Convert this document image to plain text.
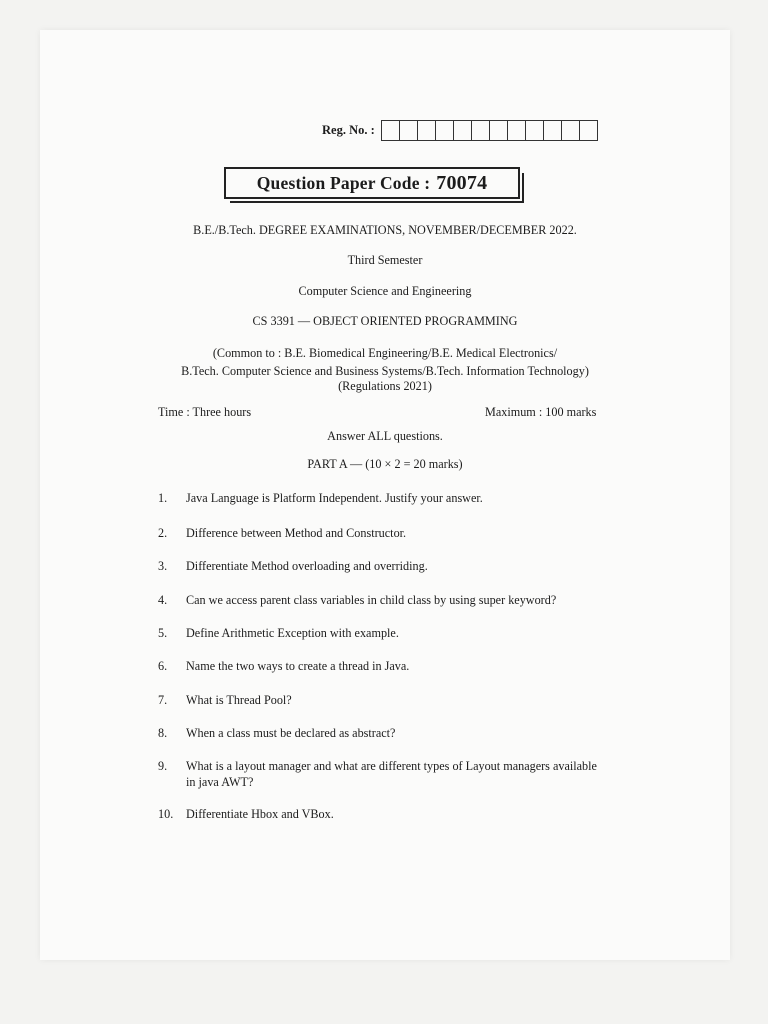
Reg. No. :
Question Paper Code : 70074
B.E./B.Tech. DEGREE EXAMINATIONS, NOVEMBER/DECEMBER 2022.
Third Semester
Computer Science and Engineering
CS 3391 — OBJECT ORIENTED PROGRAMMING
(Common to : B.E. Biomedical Engineering/B.E. Medical Electronics/
B.Tech. Computer Science and Business Systems/B.Tech. Information Technology)
(Regulations 2021)
Time : Three hours	Maximum : 100 marks
Answer ALL questions.
PART A — (10 × 2 = 20 marks)
1.	Java Language is Platform Independent. Justify your answer.
2.	Difference between Method and Constructor.
3.	Differentiate Method overloading and overriding.
4.	Can we access parent class variables in child class by using super keyword?
5.	Define Arithmetic Exception with example.
6.	Name the two ways to create a thread in Java.
7.	What is Thread Pool?
8.	When a class must be declared as abstract?
9.	What is a layout manager and what are different types of Layout managers available in java AWT?
10.	Differentiate Hbox and VBox.
